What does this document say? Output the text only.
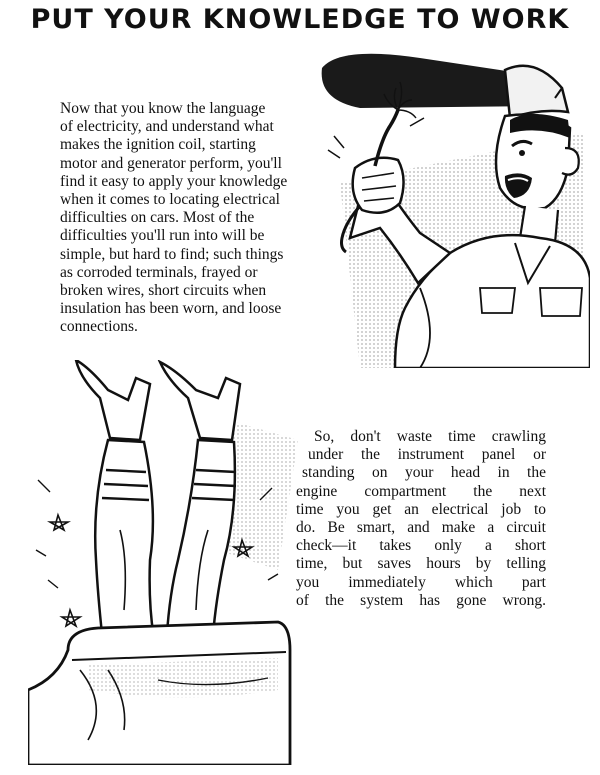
PUT YOUR KNOWLEDGE TO WORK

Now that you know the language
of electricity, and understand what
makes the ignition coil, starting
motor and generator perform, you'll
find it easy to apply your knowledge
when it comes to locating electrical
difficulties on cars. Most of the
difficulties you'll run into will be
simple, but hard to find; such things
as corroded terminals, frayed or
broken wires, short circuits when
insulation has been worn, and loose
connections.

So, don't waste time crawling
under the instrument panel or
standing on your head in the
engine compartment the next
time you get an electrical job to
do. Be smart, and make a circuit
check—it takes only a short
time, but saves hours by telling
you immediately which part
of the system has gone wrong.
